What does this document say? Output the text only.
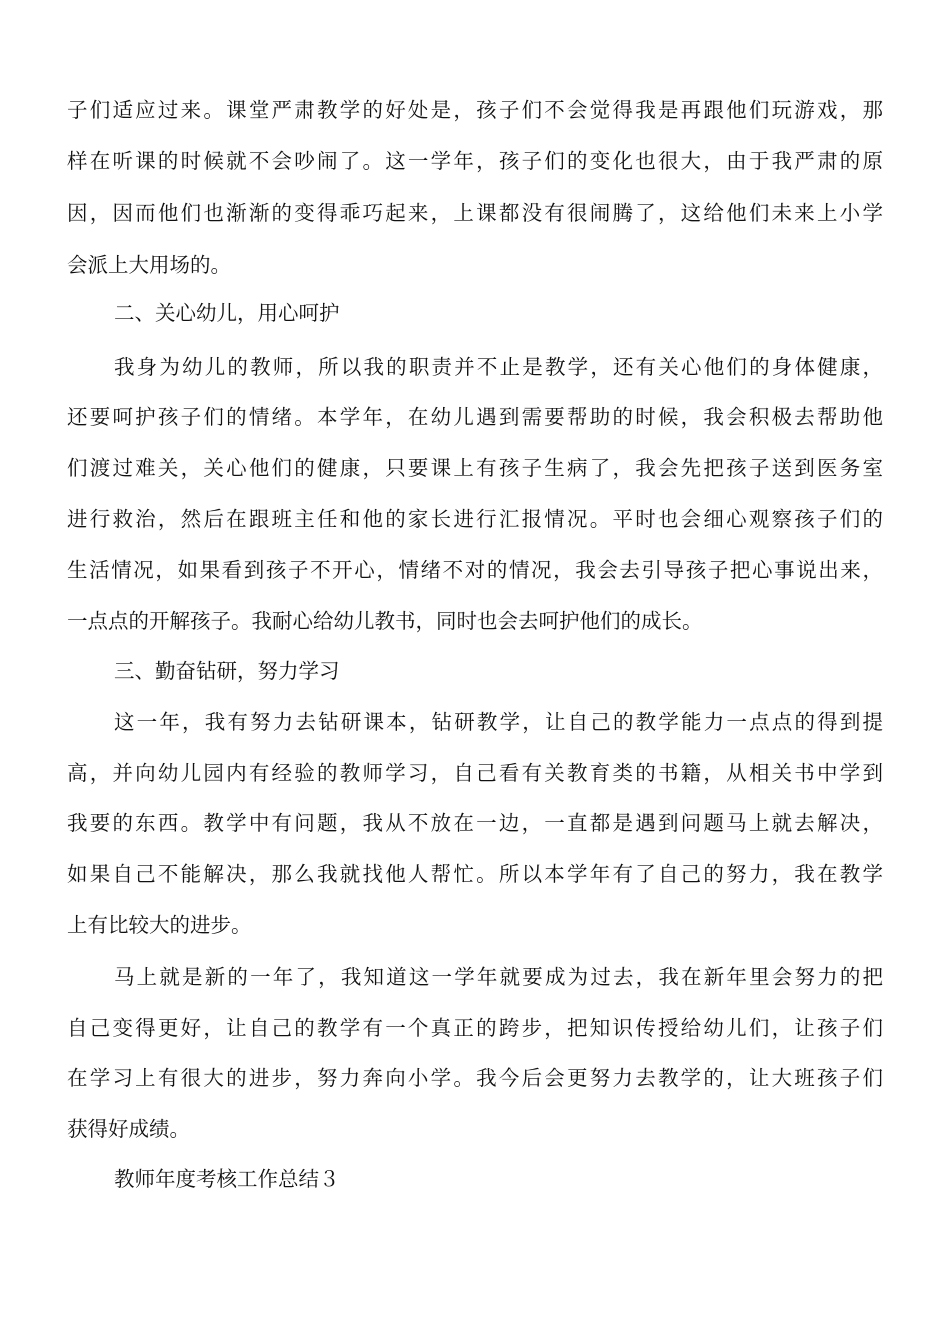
子们适应过来。课堂严肃教学的好处是，孩子们不会觉得我是再跟他们玩游戏，那
样在听课的时候就不会吵闹了。这一学年，孩子们的变化也很大，由于我严肃的原
因，因而他们也渐渐的变得乖巧起来，上课都没有很闹腾了，这给他们未来上小学
会派上大用场的。
二、关心幼儿，用心呵护
我身为幼儿的教师，所以我的职责并不止是教学，还有关心他们的身体健康，
还要呵护孩子们的情绪。本学年，在幼儿遇到需要帮助的时候，我会积极去帮助他
们渡过难关，关心他们的健康，只要课上有孩子生病了，我会先把孩子送到医务室
进行救治，然后在跟班主任和他的家长进行汇报情况。平时也会细心观察孩子们的
生活情况，如果看到孩子不开心，情绪不对的情况，我会去引导孩子把心事说出来，
一点点的开解孩子。我耐心给幼儿教书，同时也会去呵护他们的成长。
三、勤奋钻研，努力学习
这一年，我有努力去钻研课本，钻研教学，让自己的教学能力一点点的得到提
高，并向幼儿园内有经验的教师学习，自己看有关教育类的书籍，从相关书中学到
我要的东西。教学中有问题，我从不放在一边，一直都是遇到问题马上就去解决，
如果自己不能解决，那么我就找他人帮忙。所以本学年有了自己的努力，我在教学
上有比较大的进步。
马上就是新的一年了，我知道这一学年就要成为过去，我在新年里会努力的把
自己变得更好，让自己的教学有一个真正的跨步，把知识传授给幼儿们，让孩子们
在学习上有很大的进步，努力奔向小学。我今后会更努力去教学的，让大班孩子们
获得好成绩。
教师年度考核工作总结３
